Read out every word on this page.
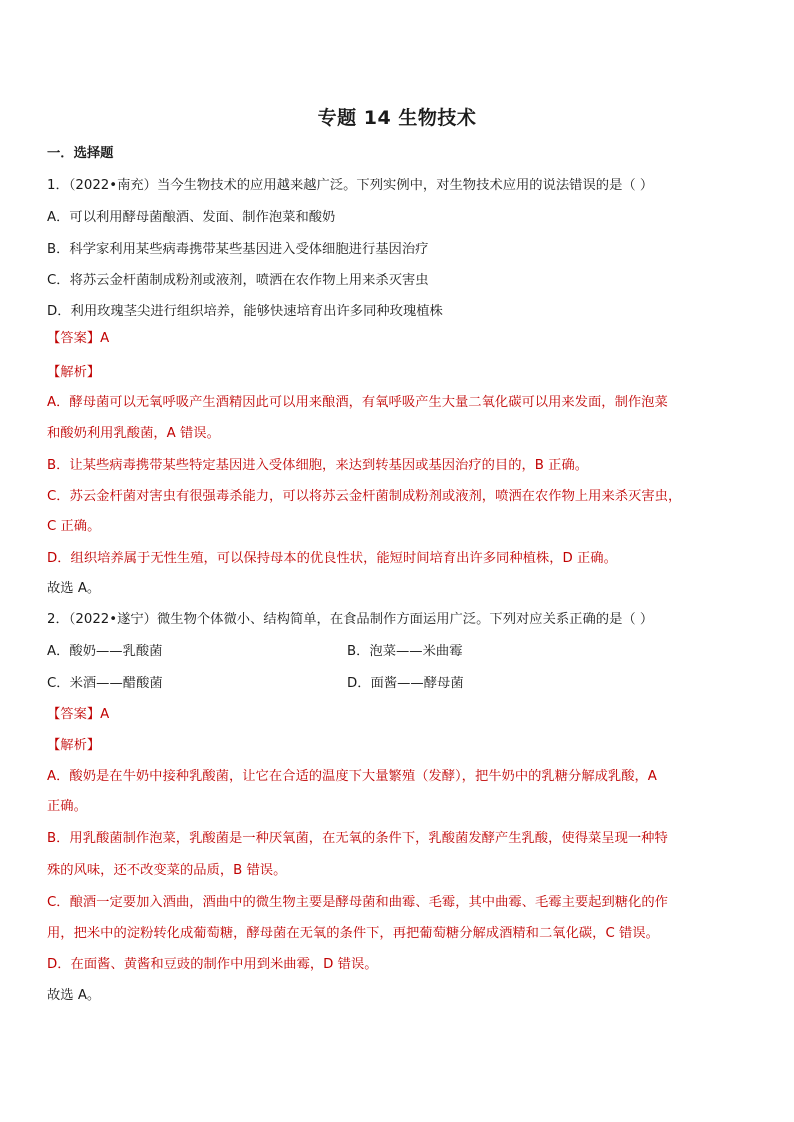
专题 14 生物技术
一．选择题
1．（2022•南充）当今生物技术的应用越来越广泛。下列实例中，对生物技术应用的说法错误的是（ ）
A．可以利用酵母菌酿酒、发面、制作泡菜和酸奶
B．科学家利用某些病毒携带某些基因进入受体细胞进行基因治疗
C．将苏云金杆菌制成粉剂或液剂，喷洒在农作物上用来杀灭害虫
D．利用玫瑰茎尖进行组织培养，能够快速培育出许多同种玫瑰植株
【答案】A
【解析】
A．酵母菌可以无氧呼吸产生酒精因此可以用来酿酒，有氧呼吸产生大量二氧化碳可以用来发面，制作泡菜
和酸奶利用乳酸菌，A 错误。
B．让某些病毒携带某些特定基因进入受体细胞，来达到转基因或基因治疗的目的，B 正确。
C．苏云金杆菌对害虫有很强毒杀能力，可以将苏云金杆菌制成粉剂或液剂，喷洒在农作物上用来杀灭害虫，
C 正确。
D．组织培养属于无性生殖，可以保持母本的优良性状，能短时间培育出许多同种植株，D 正确。
故选 A。
2．（2022•遂宁）微生物个体微小、结构简单，在食品制作方面运用广泛。下列对应关系正确的是（ ）
A．酸奶——乳酸菌	B．泡菜——米曲霉
C．米酒——醋酸菌	D．面酱——酵母菌
【答案】A
【解析】
A．酸奶是在牛奶中接种乳酸菌，让它在合适的温度下大量繁殖（发酵），把牛奶中的乳糖分解成乳酸，A
正确。
B．用乳酸菌制作泡菜，乳酸菌是一种厌氧菌，在无氧的条件下，乳酸菌发酵产生乳酸，使得菜呈现一种特
殊的风味，还不改变菜的品质，B 错误。
C．酿酒一定要加入酒曲，酒曲中的微生物主要是酵母菌和曲霉、毛霉，其中曲霉、毛霉主要起到糖化的作
用，把米中的淀粉转化成葡萄糖，酵母菌在无氧的条件下，再把葡萄糖分解成酒精和二氧化碳，C 错误。
D．在面酱、黄酱和豆豉的制作中用到米曲霉，D 错误。
故选 A。
